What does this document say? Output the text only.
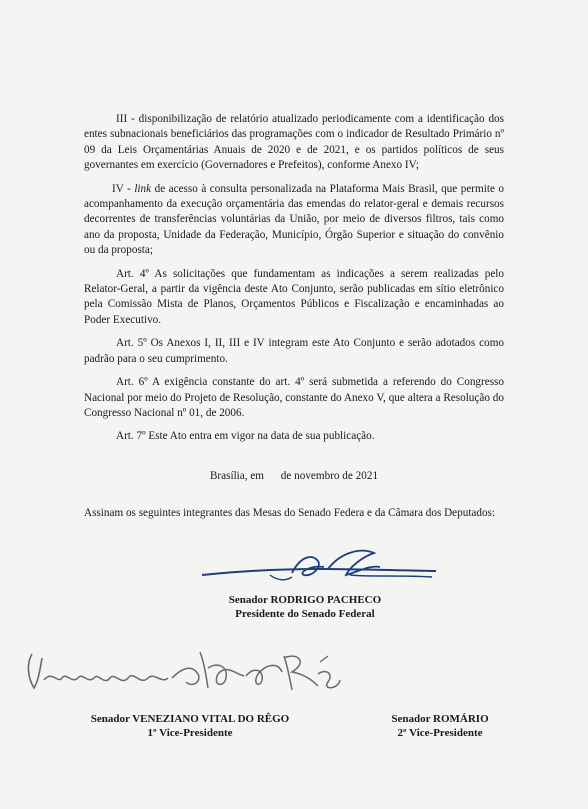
III - disponibilização de relatório atualizado periodicamente com a identificação dos entes subnacionais beneficiários das programações com o indicador de Resultado Primário nº 09 da Leis Orçamentárias Anuais de 2020 e de 2021, e os partidos políticos de seus governantes em exercício (Governadores e Prefeitos), conforme Anexo IV;

IV - link de acesso à consulta personalizada na Plataforma Mais Brasil, que permite o acompanhamento da execução orçamentária das emendas do relator-geral e demais recursos decorrentes de transferências voluntárias da União, por meio de diversos filtros, tais como ano da proposta, Unidade da Federação, Município, Órgão Superior e situação do convênio ou da proposta;

Art. 4º As solicitações que fundamentam as indicações a serem realizadas pelo Relator-Geral, a partir da vigência deste Ato Conjunto, serão publicadas em sítio eletrônico pela Comissão Mista de Planos, Orçamentos Públicos e Fiscalização e encaminhadas ao Poder Executivo.

Art. 5º Os Anexos I, II, III e IV integram este Ato Conjunto e serão adotados como padrão para o seu cumprimento.

Art. 6º A exigência constante do art. 4º será submetida a referendo do Congresso Nacional por meio do Projeto de Resolução, constante do Anexo V, que altera a Resolução do Congresso Nacional nº 01, de 2006.

Art. 7º Este Ato entra em vigor na data de sua publicação.

Brasília, em      de novembro de 2021

Assinam os seguintes integrantes das Mesas do Senado Federa e da Câmara dos Deputados:

Senador RODRIGO PACHECO
Presidente do Senado Federal
Senador VENEZIANO VITAL DO RÊGO
1º Vice-Presidente
Senador ROMÁRIO
2º Vice-Presidente
